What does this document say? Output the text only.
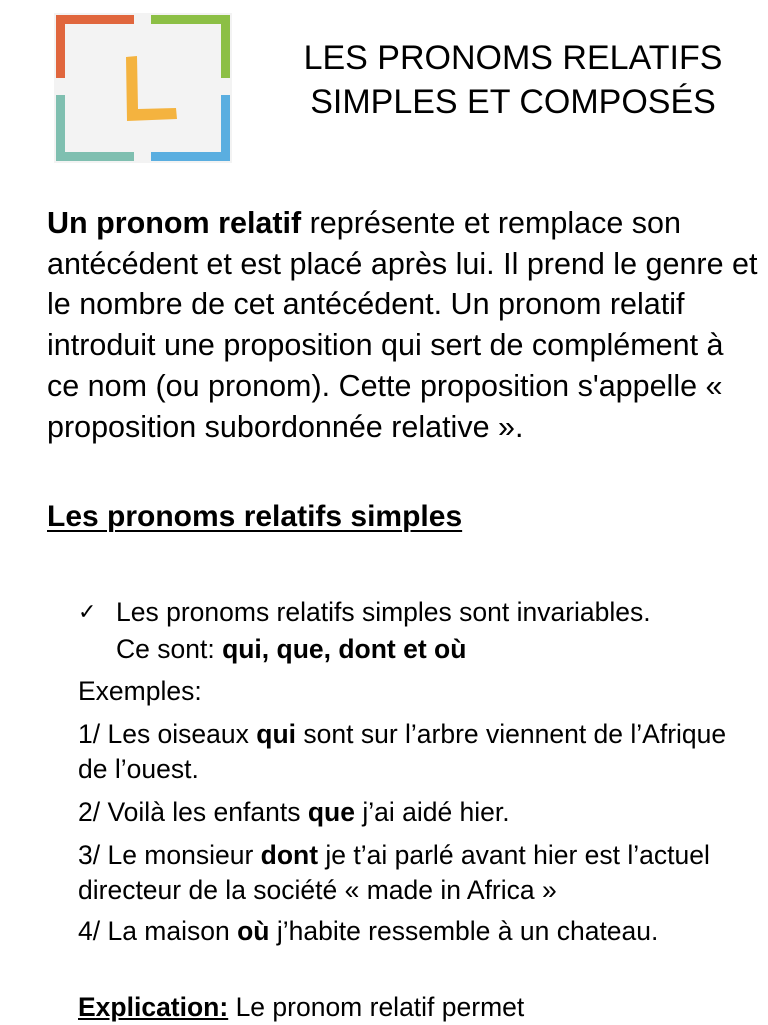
LES PRONOMS RELATIFS
SIMPLES ET COMPOSÉS

Un pronom relatif représente et remplace son antécédent et est placé après lui. Il prend le genre et le nombre de cet antécédent. Un pronom relatif introduit une proposition qui sert de complément à ce nom (ou pronom). Cette proposition s'appelle « proposition subordonnée relative ».

Les pronoms relatifs simples
✓ Les pronoms relatifs simples sont invariables.
Ce sont: qui, que, dont et où

Exemples:

1/ Les oiseaux qui sont sur l’arbre viennent de l’Afrique de l’ouest.

2/ Voilà les enfants que j’ai aidé hier.

3/ Le monsieur dont je t’ai parlé avant hier est l’actuel directeur de la société « made in Africa »

4/ La maison où j’habite ressemble à un chateau.

Explication: Le pronom relatif permet
